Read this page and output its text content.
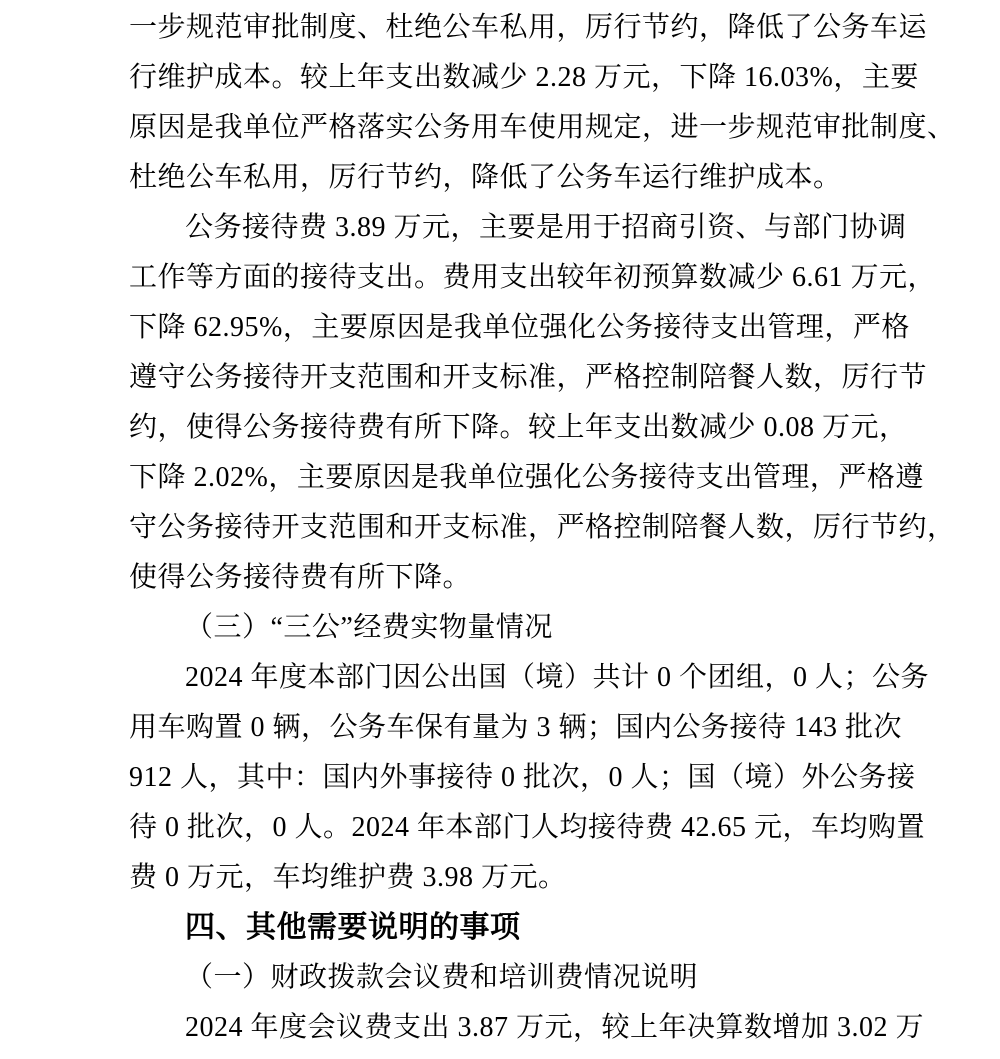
一步规范审批制度、杜绝公车私用，厉行节约，降低了公务车运
行维护成本。较上年支出数减少 2.28 万元，下降 16.03%，主要
原因是我单位严格落实公务用车使用规定，进一步规范审批制度、
杜绝公车私用，厉行节约，降低了公务车运行维护成本。
公务接待费 3.89 万元，主要是用于招商引资、与部门协调
工作等方面的接待支出。费用支出较年初预算数减少 6.61 万元，
下降 62.95%，主要原因是我单位强化公务接待支出管理，严格
遵守公务接待开支范围和开支标准，严格控制陪餐人数，厉行节
约，使得公务接待费有所下降。较上年支出数减少 0.08 万元，
下降 2.02%，主要原因是我单位强化公务接待支出管理，严格遵
守公务接待开支范围和开支标准，严格控制陪餐人数，厉行节约，
使得公务接待费有所下降。
（三）“三公”经费实物量情况
2024 年度本部门因公出国（境）共计 0 个团组，0 人；公务
用车购置 0 辆，公务车保有量为 3 辆；国内公务接待 143 批次
912 人，其中：国内外事接待 0 批次，0 人；国（境）外公务接
待 0 批次，0 人。2024 年本部门人均接待费 42.65 元，车均购置
费 0 万元，车均维护费 3.98 万元。
四、其他需要说明的事项
（一）财政拨款会议费和培训费情况说明
2024 年度会议费支出 3.87 万元，较上年决算数增加 3.02 万
